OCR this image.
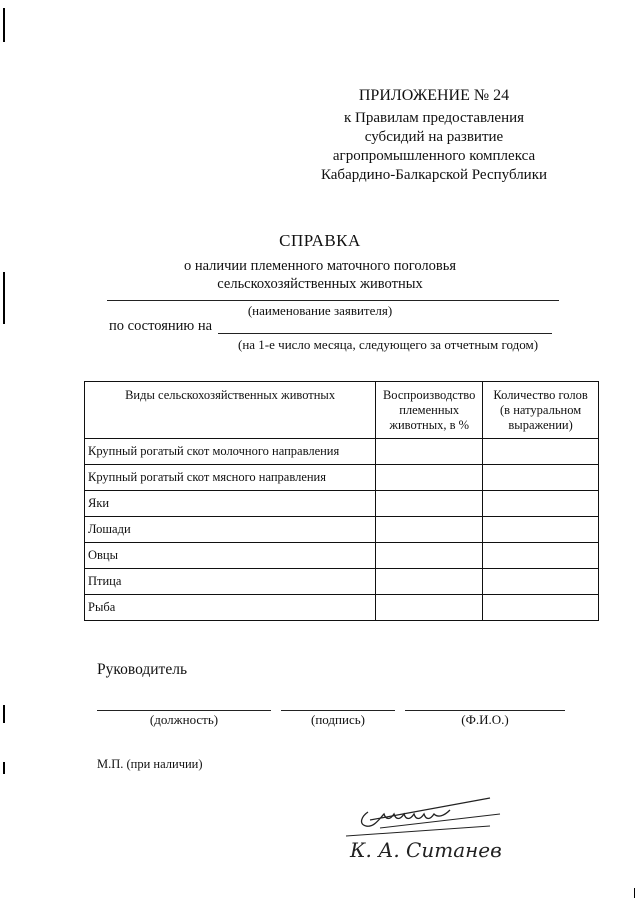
ПРИЛОЖЕНИЕ № 24
к Правилам предоставления
субсидий на развитие
агропромышленного комплекса
Кабардино-Балкарской Республики
СПРАВКА
о наличии племенного маточного поголовья
сельскохозяйственных животных
(наименование заявителя)
по состоянию на
(на 1-е число месяца, следующего за отчетным годом)
Виды сельскохозяйственных животных	Воспроизводство племенных животных, в %	Количество голов (в натуральном выражении)
Крупный рогатый скот молочного направления		
Крупный рогатый скот мясного направления		
Яки		
Лошади		
Овцы		
Птица		
Рыба		
Руководитель
(должность)	(подпись)	(Ф.И.О.)
М.П. (при наличии)
К. А. Ситанев
